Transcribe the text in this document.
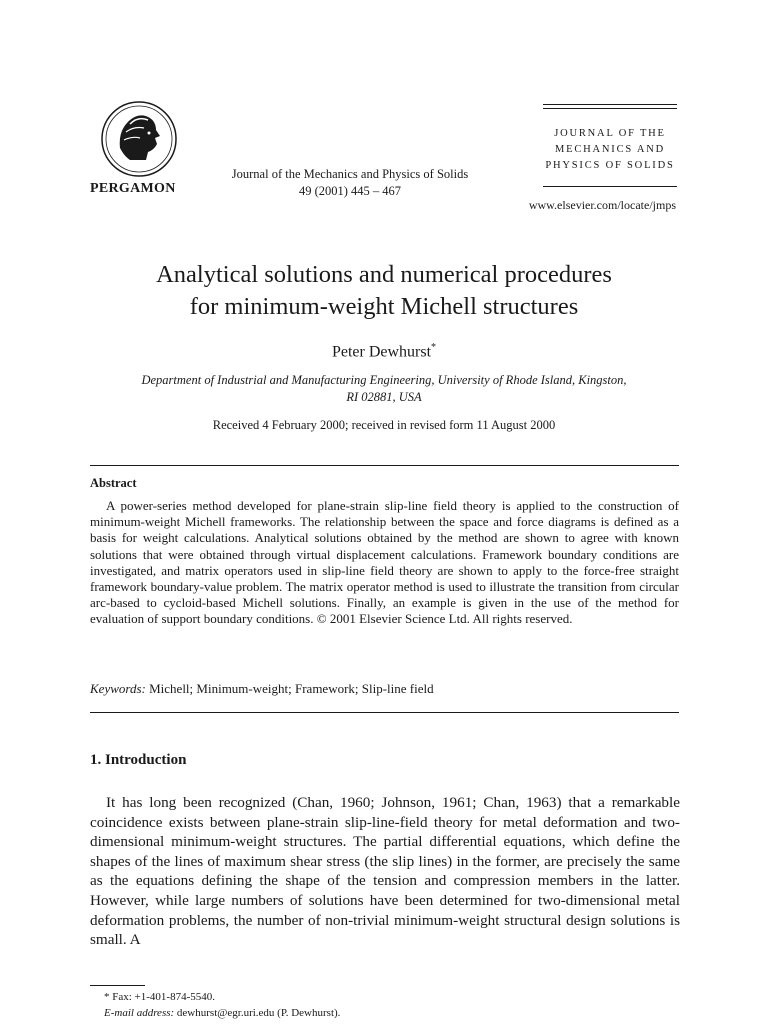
PERGAMON
Journal of the Mechanics and Physics of Solids
49 (2001) 445 – 467
JOURNAL OF THE
MECHANICS AND
PHYSICS OF SOLIDS
www.elsevier.com/locate/jmps
Analytical solutions and numerical procedures
for minimum-weight Michell structures
Peter Dewhurst*
Department of Industrial and Manufacturing Engineering, University of Rhode Island, Kingston,
RI 02881, USA
Received 4 February 2000; received in revised form 11 August 2000
Abstract
A power-series method developed for plane-strain slip-line field theory is applied to the construction of minimum-weight Michell frameworks. The relationship between the space and force diagrams is defined as a basis for weight calculations. Analytical solutions obtained by the method are shown to agree with known solutions that were obtained through virtual displacement calculations. Framework boundary conditions are investigated, and matrix operators used in slip-line field theory are shown to apply to the force-free straight framework boundary-value problem. The matrix operator method is used to illustrate the transition from circular arc-based to cycloid-based Michell solutions. Finally, an example is given in the use of the method for evaluation of support boundary conditions. © 2001 Elsevier Science Ltd. All rights reserved.
Keywords: Michell; Minimum-weight; Framework; Slip-line field
1. Introduction
It has long been recognized (Chan, 1960; Johnson, 1961; Chan, 1963) that a remarkable coincidence exists between plane-strain slip-line-field theory for metal deformation and two-dimensional minimum-weight structures. The partial differential equations, which define the shapes of the lines of maximum shear stress (the slip lines) in the former, are precisely the same as the equations defining the shape of the tension and compression members in the latter. However, while large numbers of solutions have been determined for two-dimensional metal deformation problems, the number of non-trivial minimum-weight structural design solutions is small. A
* Fax: +1-401-874-5540.
E-mail address: dewhurst@egr.uri.edu (P. Dewhurst).
